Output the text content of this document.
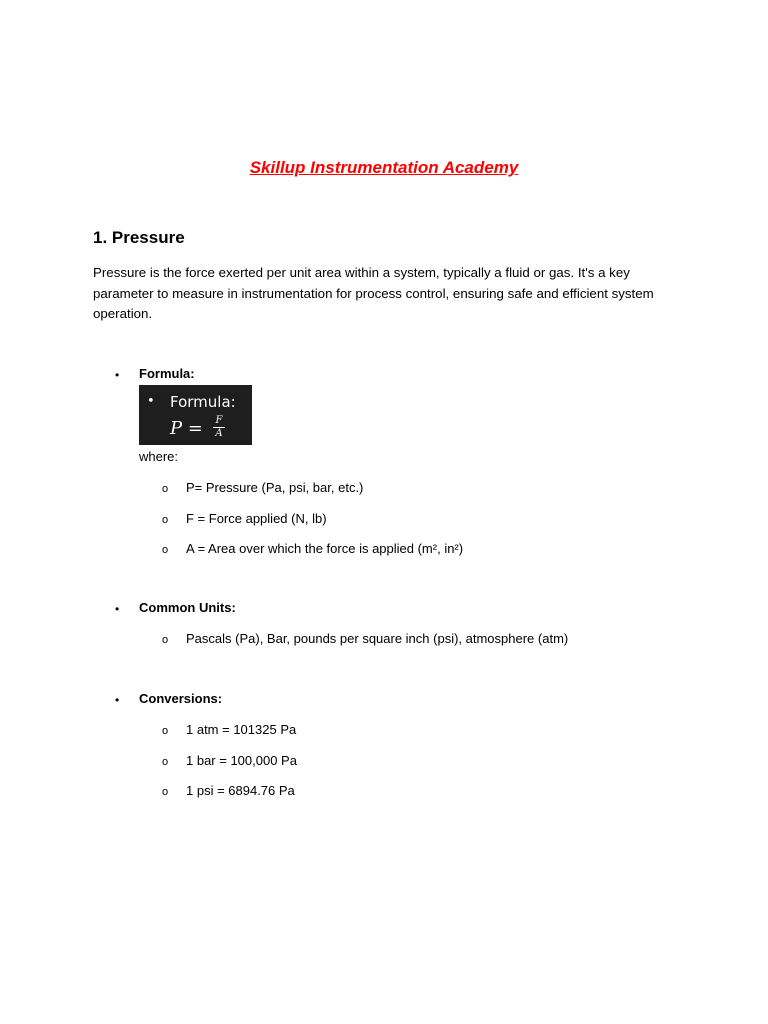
Skillup Instrumentation Academy
1. Pressure
Pressure is the force exerted per unit area within a system, typically a fluid or gas. It's a key parameter to measure in instrumentation for process control, ensuring safe and efficient system operation.
• Formula:
• Formula:
$P = \frac{F}{A}$
where:
o P= Pressure (Pa, psi, bar, etc.)
o F = Force applied (N, lb)
o A = Area over which the force is applied (m², in²)
• Common Units:
o Pascals (Pa), Bar, pounds per square inch (psi), atmosphere (atm)
• Conversions:
o 1 atm = 101325 Pa
o 1 bar = 100,000 Pa
o 1 psi = 6894.76 Pa
